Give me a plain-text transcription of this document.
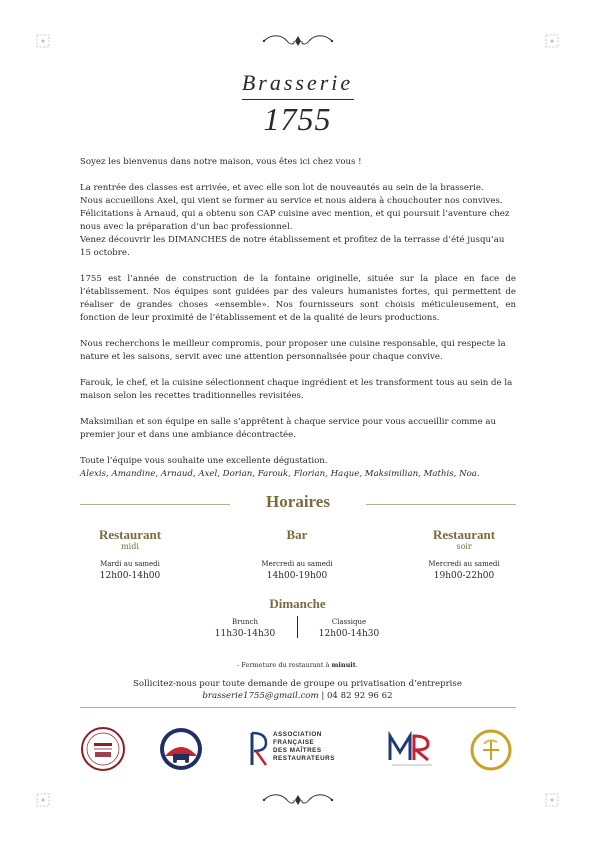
Brasserie
1755

Soyez les bienvenus dans notre maison, vous êtes ici chez vous !

La rentrée des classes est arrivée, et avec elle son lot de nouveautés au sein de la brasserie.
Nous accueillons Axel, qui vient se former au service et nous aidera à chouchouter nos convives.
Félicitations à Arnaud, qui a obtenu son CAP cuisine avec mention, et qui poursuit l’aventure chez nous avec la préparation d’un bac professionnel.
Venez découvrir les DIMANCHES de notre établissement et profitez de la terrasse d’été jusqu’au 15 octobre.

1755 est l’année de construction de la fontaine originelle, située sur la place en face de l’établissement. Nos équipes sont guidées par des valeurs humanistes fortes, qui permettent de réaliser de grandes choses «ensemble». Nos fournisseurs sont choisis méticuleusement, en fonction de leur proximité de l’établissement et de la qualité de leurs productions.

Nous recherchons le meilleur compromis, pour proposer une cuisine responsable, qui respecte la nature et les saisons, servit avec une attention personnalisée pour chaque convive.

Farouk, le chef, et la cuisine sélectionnent chaque ingrédient et les transforment tous au sein de la maison selon les recettes traditionnelles revisitées.

Maksimilian et son équipe en salle s’apprêtent à chaque service pour vous accueillir comme au premier jour et dans une ambiance décontractée.

Toute l’équipe vous souhaite une excellente dégustation.
Alexis, Amandine, Arnaud, Axel, Dorian, Farouk, Florian, Haque, Maksimilian, Mathis, Noa.

Horaires
Restaurant
midi
Mardi au samedi
12h00-14h00
Bar

Mercredi au samedi
14h00-19h00
Restaurant
soir
Mercredi au samedi
19h00-22h00
Dimanche
Brunch
11h30-14h30
Classique
12h00-14h30
- Fermeture du restaurant à minuit.
Sollicitez-nous pour toute demande de groupe ou privatisation d’entreprise
brasserie1755@gmail.com | 04 82 92 96 62
ASSOCIATION
FRANÇAISE
DES MAÎTRES
RESTAURATEURS
